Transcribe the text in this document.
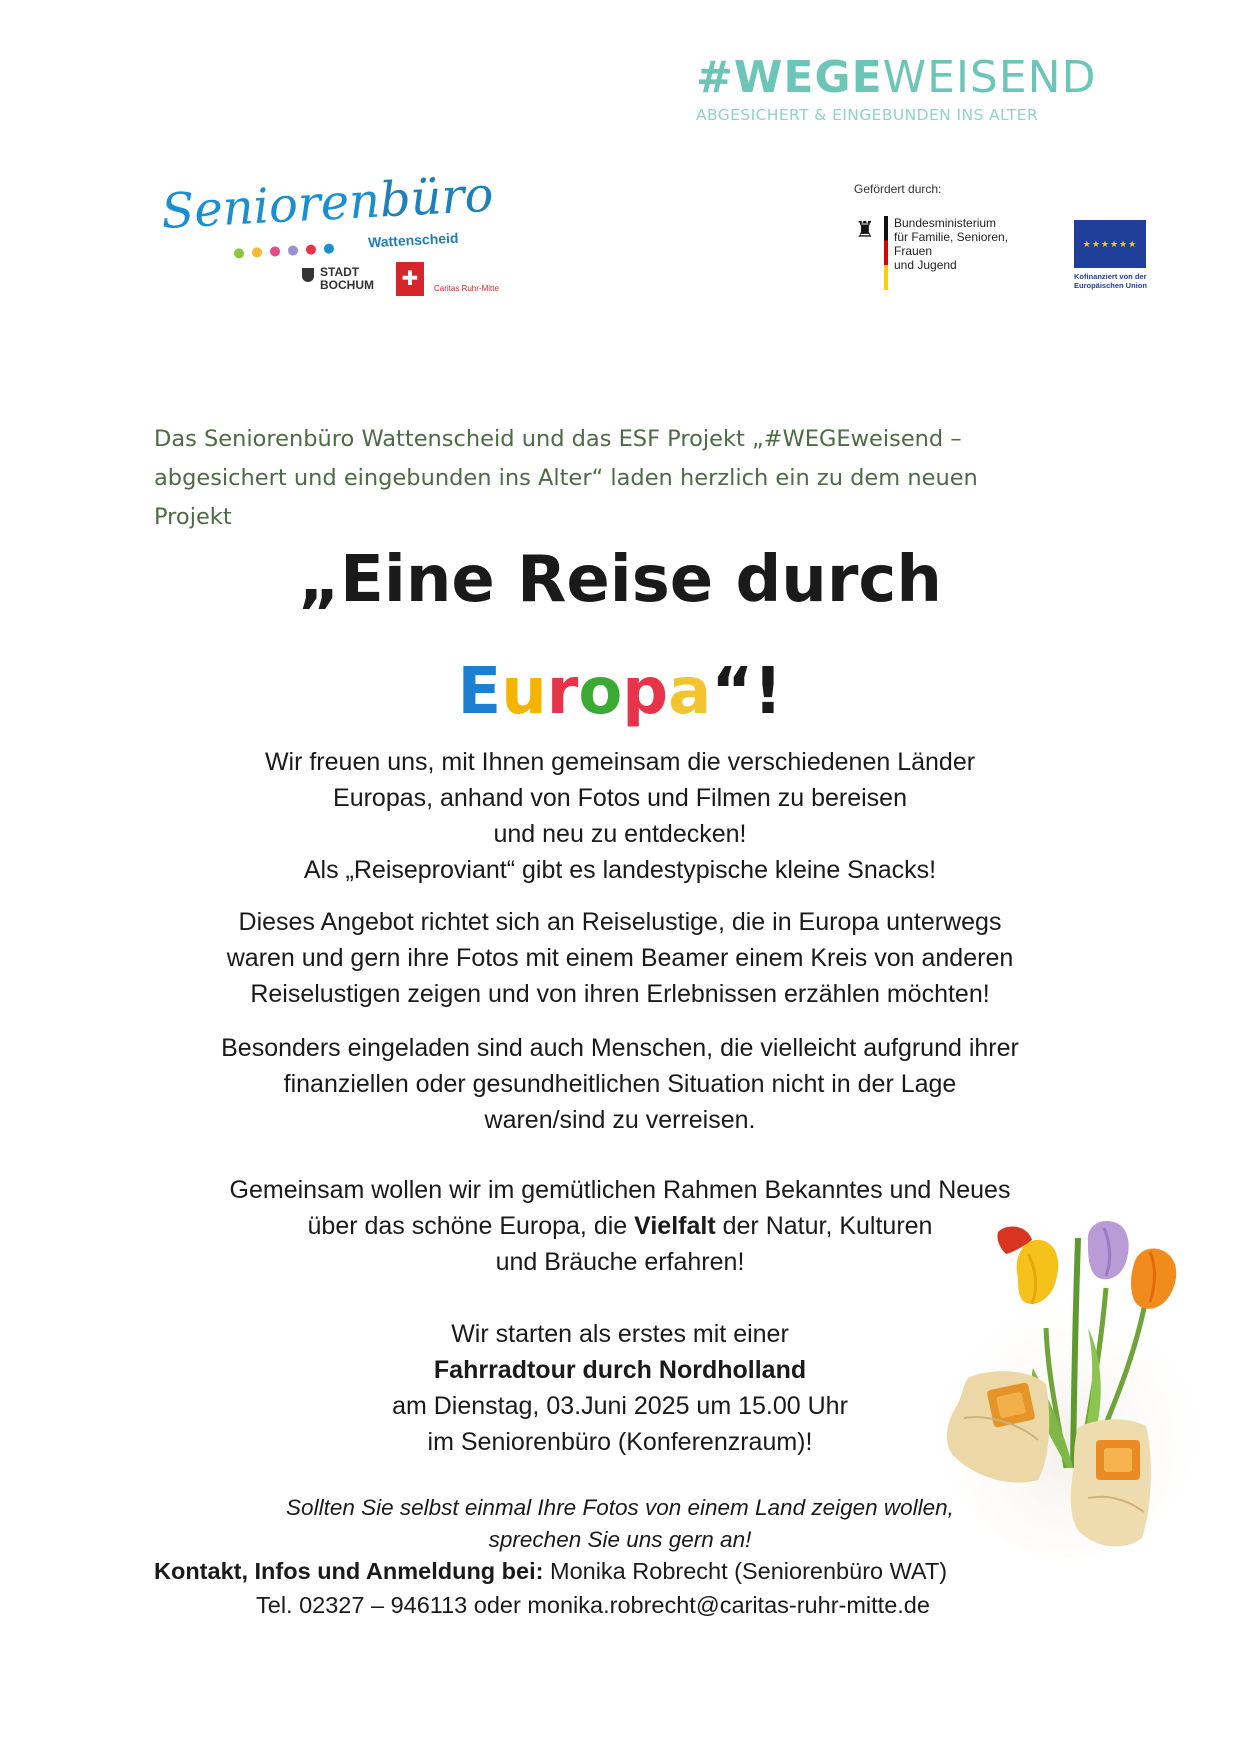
#WEGEWEISEND
ABGESICHERT & EINGEBUNDEN INS ALTER
Seniorenbüro
Wattenscheid
STADT
BOCHUM ✚ Caritas Ruhr-Mitte
Gefördert durch:
♜ Bundesministerium
für Familie, Senioren, Frauen
und Jugend
★★★★★★
Kofinanziert von der
Europäischen Union
Das Seniorenbüro Wattenscheid und das ESF Projekt „#WEGEweisend –
abgesichert und eingebunden ins Alter“ laden herzlich ein zu dem neuen
Projekt
„Eine Reise durch
Europa“!
Wir freuen uns, mit Ihnen gemeinsam die verschiedenen Länder
Europas, anhand von Fotos und Filmen zu bereisen
und neu zu entdecken!
Als „Reiseproviant“ gibt es landestypische kleine Snacks!
Dieses Angebot richtet sich an Reiselustige, die in Europa unterwegs
waren und gern ihre Fotos mit einem Beamer einem Kreis von anderen
Reiselustigen zeigen und von ihren Erlebnissen erzählen möchten!
Besonders eingeladen sind auch Menschen, die vielleicht aufgrund ihrer
finanziellen oder gesundheitlichen Situation nicht in der Lage
waren/sind zu verreisen.
Gemeinsam wollen wir im gemütlichen Rahmen Bekanntes und Neues
über das schöne Europa, die Vielfalt der Natur, Kulturen
und Bräuche erfahren!
Wir starten als erstes mit einer
Fahrradtour durch Nordholland
am Dienstag, 03.Juni 2025 um 15.00 Uhr
im Seniorenbüro (Konferenzraum)!
Sollten Sie selbst einmal Ihre Fotos von einem Land zeigen wollen,
sprechen Sie uns gern an!
Kontakt, Infos und Anmeldung bei: Monika Robrecht (Seniorenbüro WAT)
Tel. 02327 – 946113 oder monika.robrecht@caritas-ruhr-mitte.de
